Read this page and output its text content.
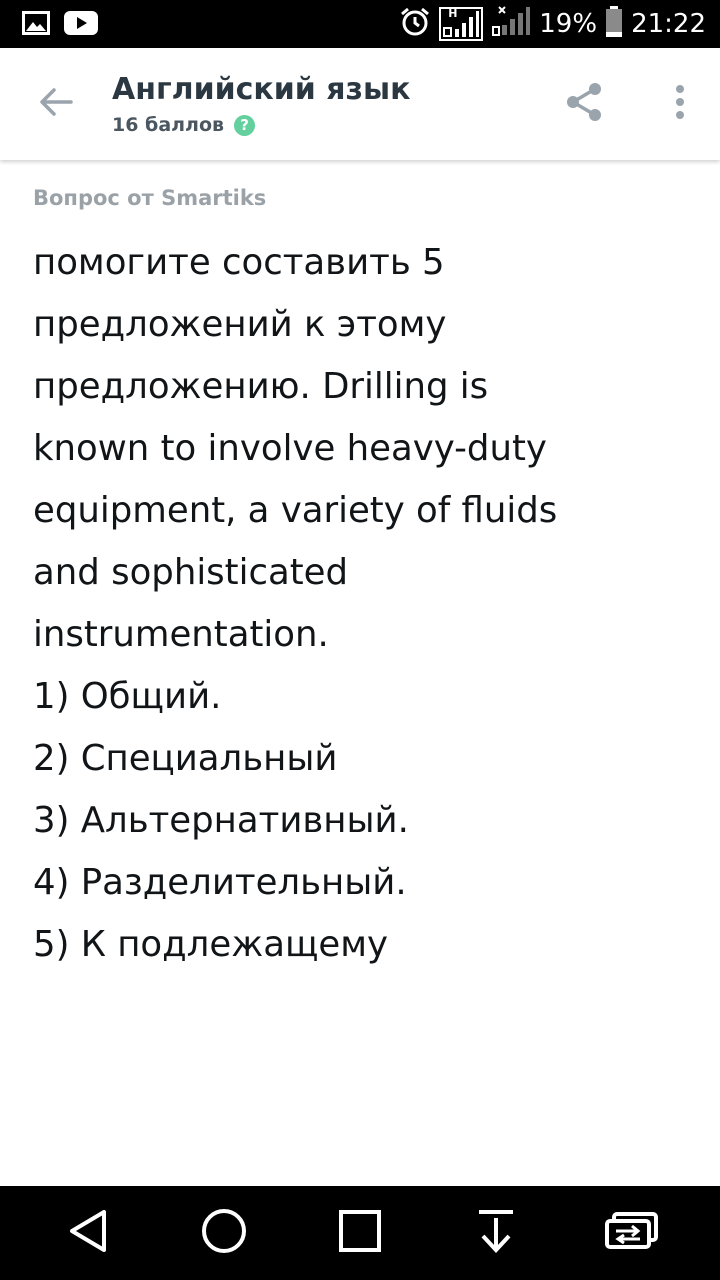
H	19% 21:22
Английский язык
16 баллов	?
Вопрос от Smartiks

помогите составить 5
предложений к этому
предложению. Drilling is
known to involve heavy-duty
equipment, a variety of fluids
and sophisticated
instrumentation.
1) Общий.
2) Специальный
3) Альтернативный.
4) Разделительный.
5) К подлежащему
